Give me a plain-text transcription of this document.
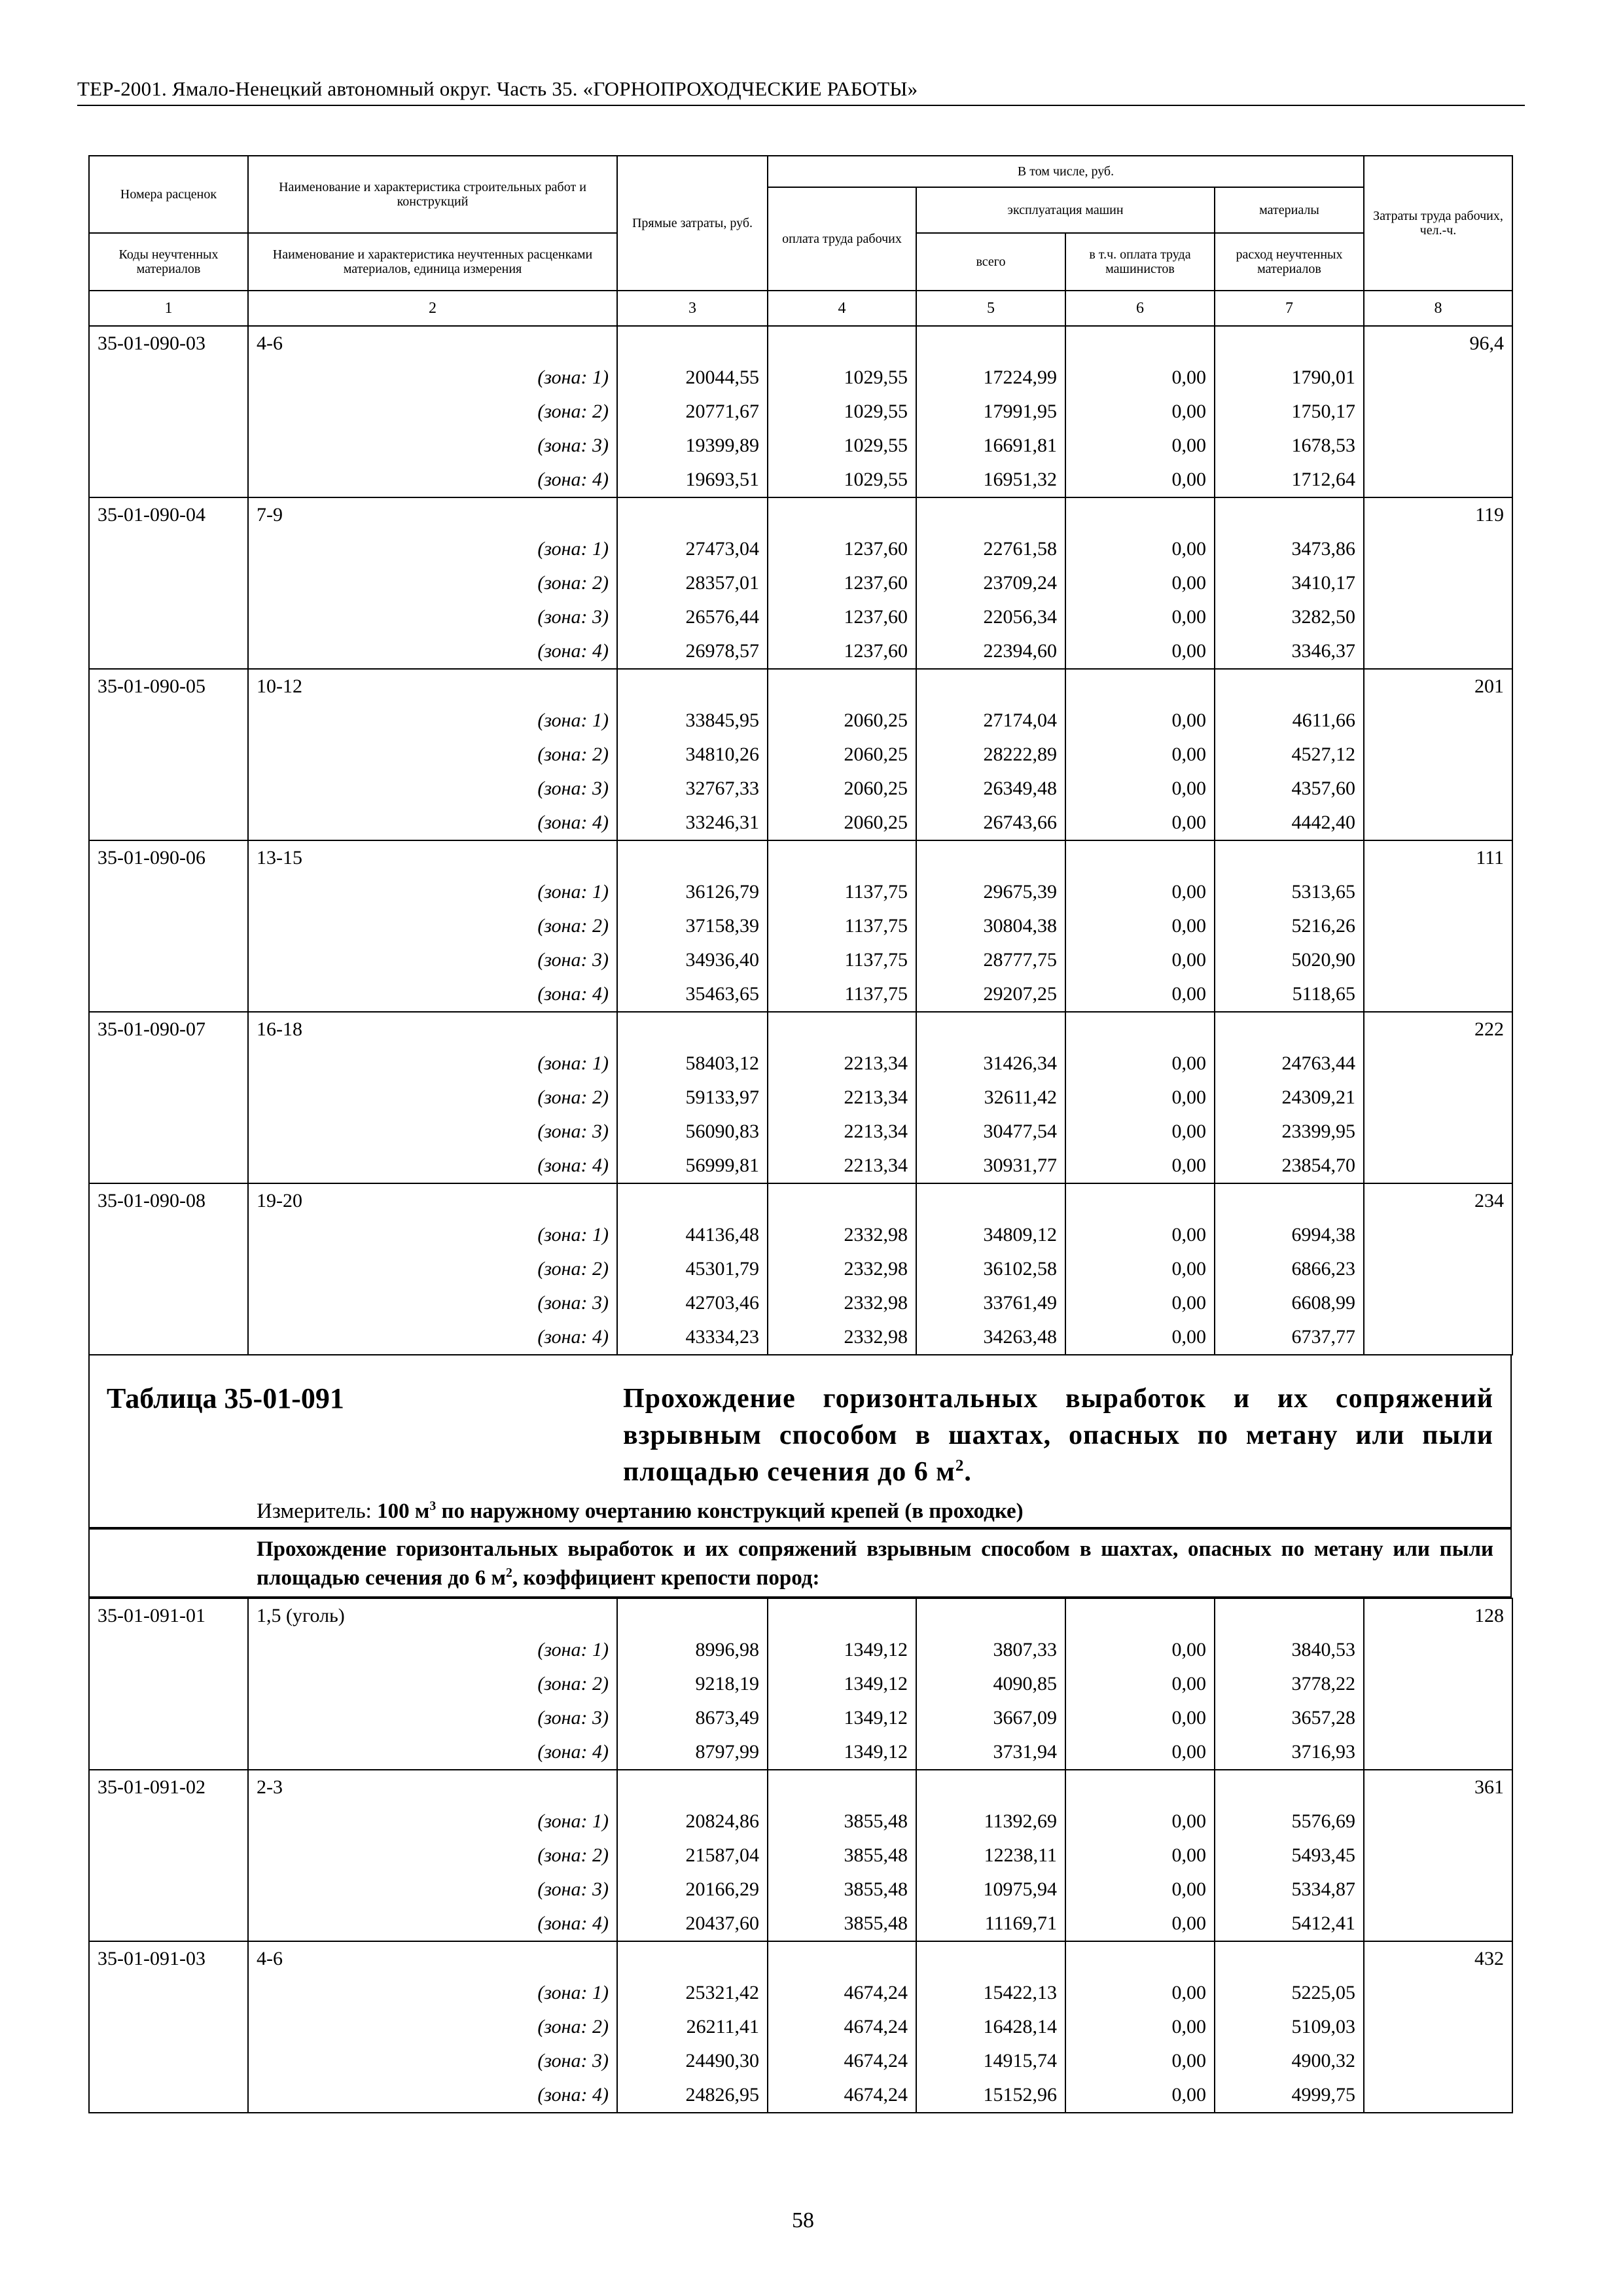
ТЕР-2001. Ямало-Ненецкий автономный округ. Часть 35. «ГОРНОПРОХОДЧЕСКИЕ РАБОТЫ»
Номера расценок	Наименование и характеристика строительных работ и конструкций	Прямые затраты, руб.	В том числе, руб.				Затраты труда рабочих, чел.-ч.
			оплата труда рабочих	эксплуатация машин		материалы	
Коды неучтенных материалов	Наименование и характеристика неучтенных расценками материалов, единица измерения			всего	в т.ч. оплата труда машинистов	расход неучтенных материалов	
1	2	3	4	5	6	7	8
35-01-090-03	4-6						96,4
	(зона: 1)	20044,55	1029,55	17224,99	0,00	1790,01	
	(зона: 2)	20771,67	1029,55	17991,95	0,00	1750,17	
	(зона: 3)	19399,89	1029,55	16691,81	0,00	1678,53	
	(зона: 4)	19693,51	1029,55	16951,32	0,00	1712,64	
35-01-090-04	7-9						119
	(зона: 1)	27473,04	1237,60	22761,58	0,00	3473,86	
	(зона: 2)	28357,01	1237,60	23709,24	0,00	3410,17	
	(зона: 3)	26576,44	1237,60	22056,34	0,00	3282,50	
	(зона: 4)	26978,57	1237,60	22394,60	0,00	3346,37	
35-01-090-05	10-12						201
	(зона: 1)	33845,95	2060,25	27174,04	0,00	4611,66	
	(зона: 2)	34810,26	2060,25	28222,89	0,00	4527,12	
	(зона: 3)	32767,33	2060,25	26349,48	0,00	4357,60	
	(зона: 4)	33246,31	2060,25	26743,66	0,00	4442,40	
35-01-090-06	13-15						111
	(зона: 1)	36126,79	1137,75	29675,39	0,00	5313,65	
	(зона: 2)	37158,39	1137,75	30804,38	0,00	5216,26	
	(зона: 3)	34936,40	1137,75	28777,75	0,00	5020,90	
	(зона: 4)	35463,65	1137,75	29207,25	0,00	5118,65	
35-01-090-07	16-18						222
	(зона: 1)	58403,12	2213,34	31426,34	0,00	24763,44	
	(зона: 2)	59133,97	2213,34	32611,42	0,00	24309,21	
	(зона: 3)	56090,83	2213,34	30477,54	0,00	23399,95	
	(зона: 4)	56999,81	2213,34	30931,77	0,00	23854,70	
35-01-090-08	19-20						234
	(зона: 1)	44136,48	2332,98	34809,12	0,00	6994,38	
	(зона: 2)	45301,79	2332,98	36102,58	0,00	6866,23	
	(зона: 3)	42703,46	2332,98	33761,49	0,00	6608,99	
	(зона: 4)	43334,23	2332,98	34263,48	0,00	6737,77	
Таблица 35-01-091	Прохождение горизонтальных выработок и их сопряжений взрывным способом в шахтах, опасных по метану или пыли площадью сечения до 6 $м^2$.
Измеритель: 100 $м^3$ по наружному очертанию конструкций крепей (в проходке)
Прохождение горизонтальных выработок и их сопряжений взрывным способом в шахтах, опасных по метану или пыли площадью сечения до 6 $м^2$, коэффициент крепости пород:
35-01-091-01	1,5 (уголь)						128
	(зона: 1)	8996,98	1349,12	3807,33	0,00	3840,53	
	(зона: 2)	9218,19	1349,12	4090,85	0,00	3778,22	
	(зона: 3)	8673,49	1349,12	3667,09	0,00	3657,28	
	(зона: 4)	8797,99	1349,12	3731,94	0,00	3716,93	
35-01-091-02	2-3						361
	(зона: 1)	20824,86	3855,48	11392,69	0,00	5576,69	
	(зона: 2)	21587,04	3855,48	12238,11	0,00	5493,45	
	(зона: 3)	20166,29	3855,48	10975,94	0,00	5334,87	
	(зона: 4)	20437,60	3855,48	11169,71	0,00	5412,41	
35-01-091-03	4-6						432
	(зона: 1)	25321,42	4674,24	15422,13	0,00	5225,05	
	(зона: 2)	26211,41	4674,24	16428,14	0,00	5109,03	
	(зона: 3)	24490,30	4674,24	14915,74	0,00	4900,32	
	(зона: 4)	24826,95	4674,24	15152,96	0,00	4999,75	
58
